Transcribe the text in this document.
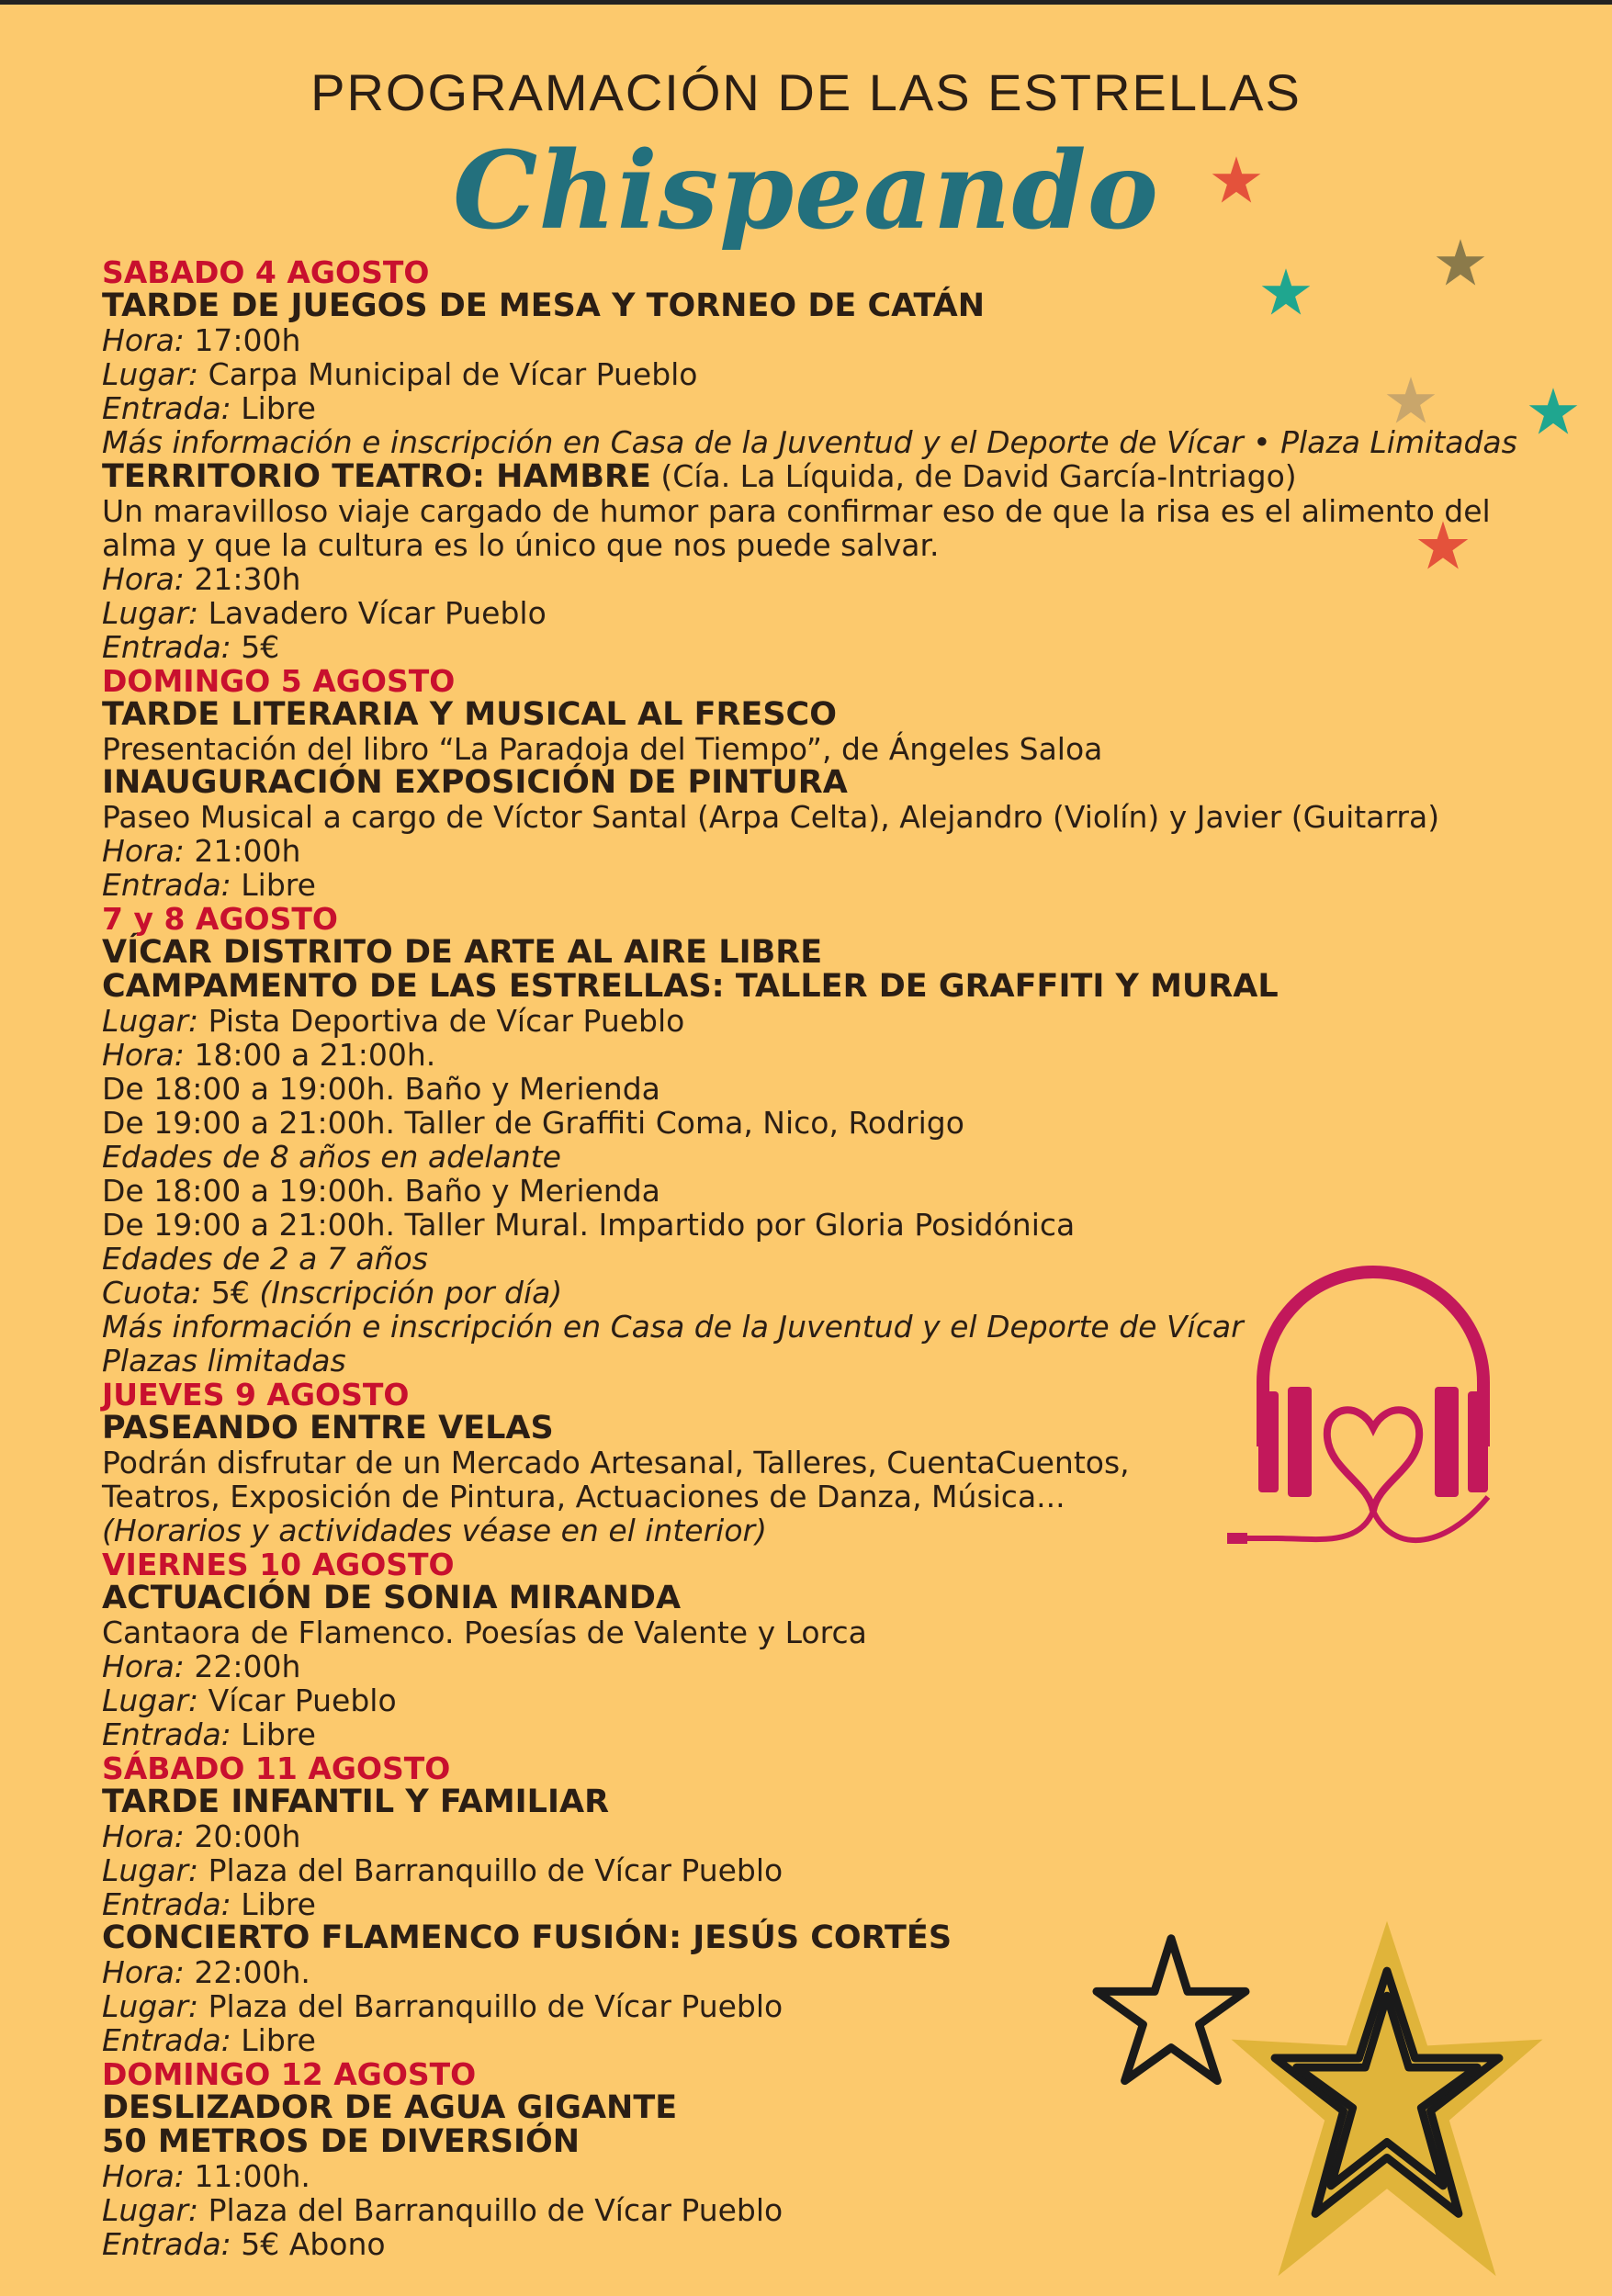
PROGRAMACIÓN DE LAS ESTRELLAS
Chispeando
SABADO 4 AGOSTO
TARDE DE JUEGOS DE MESA Y TORNEO DE CATÁN
Hora: 17:00h
Lugar: Carpa Municipal de Vícar Pueblo
Entrada: Libre
Más información e inscripción en Casa de la Juventud y el Deporte de Vícar • Plaza Limitadas
TERRITORIO TEATRO: HAMBRE (Cía. La Líquida, de David García-Intriago)
Un maravilloso viaje cargado de humor para confirmar eso de que la risa es el alimento del alma y que la cultura es lo único que nos puede salvar.
Hora: 21:30h
Lugar: Lavadero Vícar Pueblo
Entrada: 5€
DOMINGO 5 AGOSTO
TARDE LITERARIA Y MUSICAL AL FRESCO
Presentación del libro “La Paradoja del Tiempo”, de Ángeles Saloa
INAUGURACIÓN EXPOSICIÓN DE PINTURA
Paseo Musical a cargo de Víctor Santal (Arpa Celta), Alejandro (Violín) y Javier (Guitarra)
Hora: 21:00h
Entrada: Libre
7 y 8 AGOSTO
VÍCAR DISTRITO DE ARTE AL AIRE LIBRE
CAMPAMENTO DE LAS ESTRELLAS: TALLER DE GRAFFITI Y MURAL
Lugar: Pista Deportiva de Vícar Pueblo
Hora: 18:00 a 21:00h.
De 18:00 a 19:00h. Baño y Merienda
De 19:00 a 21:00h. Taller de Graffiti Coma, Nico, Rodrigo
Edades de 8 años en adelante
De 18:00 a 19:00h. Baño y Merienda
De 19:00 a 21:00h. Taller Mural. Impartido por Gloria Posidónica
Edades de 2 a 7 años
Cuota: 5€ (Inscripción por día)
Más información e inscripción en Casa de la Juventud y el Deporte de Vícar
Plazas limitadas
JUEVES 9 AGOSTO
PASEANDO ENTRE VELAS
Podrán disfrutar de un Mercado Artesanal, Talleres, CuentaCuentos,
Teatros, Exposición de Pintura, Actuaciones de Danza, Música...
(Horarios y actividades véase en el interior)
VIERNES 10 AGOSTO
ACTUACIÓN DE SONIA MIRANDA
Cantaora de Flamenco. Poesías de Valente y Lorca
Hora: 22:00h
Lugar: Vícar Pueblo
Entrada: Libre
SÁBADO 11 AGOSTO
TARDE INFANTIL Y FAMILIAR
Hora: 20:00h
Lugar: Plaza del Barranquillo de Vícar Pueblo
Entrada: Libre
CONCIERTO FLAMENCO FUSIÓN: JESÚS CORTÉS
Hora: 22:00h.
Lugar: Plaza del Barranquillo de Vícar Pueblo
Entrada: Libre
DOMINGO 12 AGOSTO
DESLIZADOR DE AGUA GIGANTE
50 METROS DE DIVERSIÓN
Hora: 11:00h.
Lugar: Plaza del Barranquillo de Vícar Pueblo
Entrada: 5€ Abono
